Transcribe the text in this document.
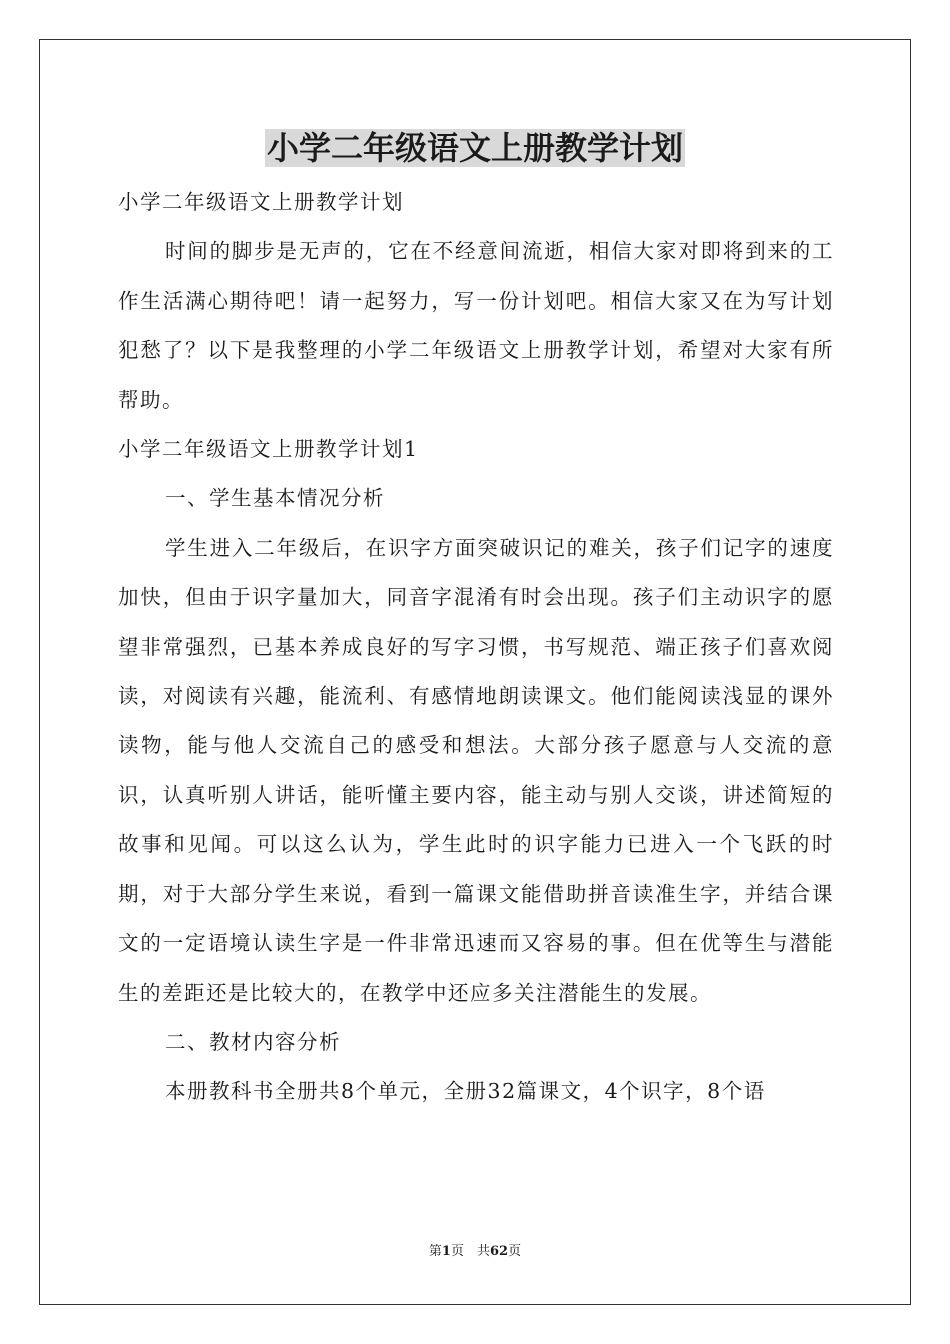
小学二年级语文上册教学计划

小学二年级语文上册教学计划

时间的脚步是无声的，它在不经意间流逝，相信大家对即将到来的工作生活满心期待吧！请一起努力，写一份计划吧。相信大家又在为写计划犯愁了？以下是我整理的小学二年级语文上册教学计划，希望对大家有所帮助。

小学二年级语文上册教学计划1

一、学生基本情况分析

学生进入二年级后，在识字方面突破识记的难关，孩子们记字的速度加快，但由于识字量加大，同音字混淆有时会出现。孩子们主动识字的愿望非常强烈，已基本养成良好的写字习惯，书写规范、端正孩子们喜欢阅读，对阅读有兴趣，能流利、有感情地朗读课文。他们能阅读浅显的课外读物，能与他人交流自己的感受和想法。大部分孩子愿意与人交流的意识，认真听别人讲话，能听懂主要内容，能主动与别人交谈，讲述简短的故事和见闻。可以这么认为，学生此时的识字能力已进入一个飞跃的时期，对于大部分学生来说，看到一篇课文能借助拼音读准生字，并结合课文的一定语境认读生字是一件非常迅速而又容易的事。但在优等生与潜能生的差距还是比较大的，在教学中还应多关注潜能生的发展。

二、教材内容分析

本册教科书全册共8个单元，全册32篇课文，4个识字，8个语

第1页　共62页
